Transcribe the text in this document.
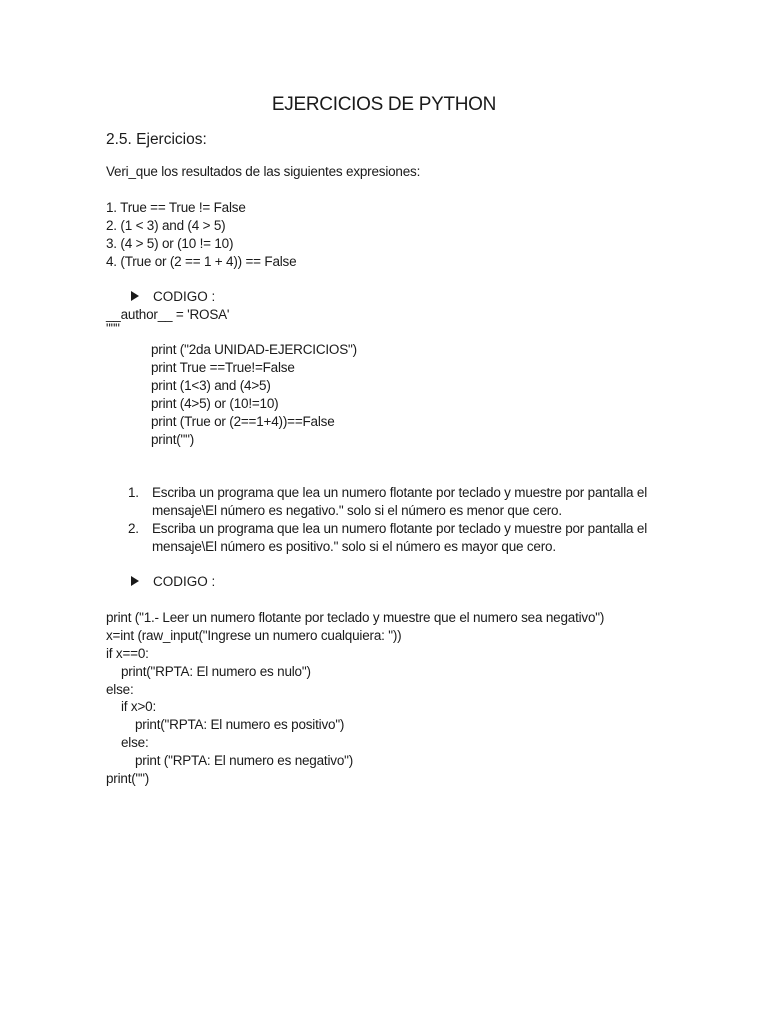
EJERCICIOS DE PYTHON
2.5. Ejercicios:
Veri_que los resultados de las siguientes expresiones:
1. True == True != False
2. (1 < 3) and (4 > 5)
3. (4 > 5) or (10 != 10)
4. (True or (2 == 1 + 4)) == False
CODIGO :
__author__ = 'ROSA'
"""
print ("2da UNIDAD-EJERCICIOS")
print True ==True!=False
print (1<3) and (4>5)
print (4>5) or (10!=10)
print (True or (2==1+4))==False
print("")
1. Escriba un programa que lea un numero flotante por teclado y muestre por pantalla el mensaje\El número es negativo." solo si el número es menor que cero.
2. Escriba un programa que lea un numero flotante por teclado y muestre por pantalla el mensaje\El número es positivo." solo si el número es mayor que cero.
CODIGO :
print ("1.- Leer un numero flotante por teclado y muestre que el numero sea negativo")
x=int (raw_input("Ingrese un numero cualquiera: "))
if x==0:
print("RPTA: El numero es nulo")
else:
if x>0:
print("RPTA: El numero es positivo")
else:
print ("RPTA: El numero es negativo")
print("")
